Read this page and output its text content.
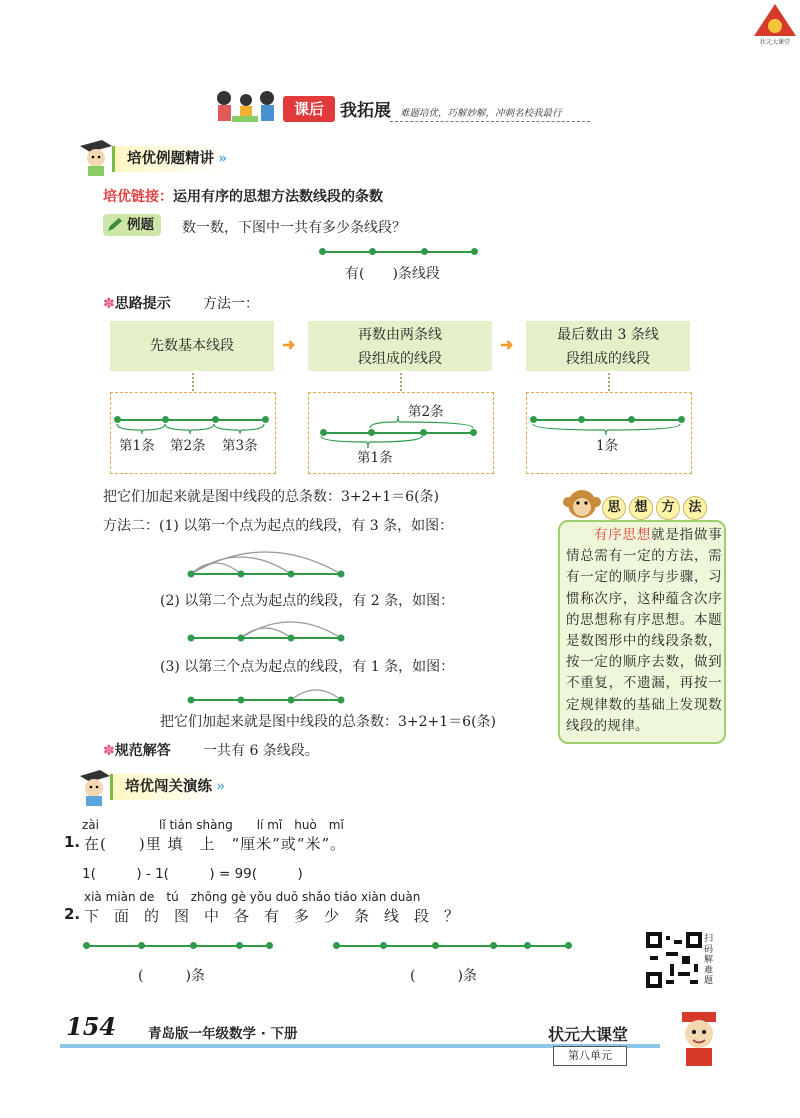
状元大课堂
课后 我拓展 难题培优，巧解妙解，冲刺名校我最行
培优例题精讲 »
培优链接：运用有序的思想方法数线段的条数
例题	数一数，下图中一共有多少条线段？
有(　　)条线段
✽思路提示 方法一：
先数基本线段	➜	再数由两条线
段组成的线段
➜	最后数由 3 条线
段组成的线段
第1条 第2条 第3条
第2条
第1条
1条
把它们加起来就是图中线段的总条数：3+2+1＝6(条)
方法二：(1) 以第一个点为起点的线段，有 3 条，如图：
(2) 以第二个点为起点的线段，有 2 条，如图：
(3) 以第三个点为起点的线段，有 1 条，如图：
把它们加起来就是图中线段的总条数：3+2+1＝6(条)
✽规范解答 一共有 6 条线段。
思 想 方 法
有序思想就是指做事情总需有一定的方法，需有一定的顺序与步骤，习惯称次序，这种蕴含次序的思想称有序思想。本题是数图形中的线段条数，按一定的顺序去数，做到不重复，不遗漏，再按一定规律数的基础上发现数线段的规律。
培优闯关演练 »
zài　　　　　lǐ tián shàng　　lí mǐ　huò　mǐ
1. 在(　　)里 填　上　“厘米”或“米”。
1(　　　) - 1(　　　) = 99(　　　)
xià miàn de　tú　zhōng gè yǒu duō shǎo tiáo xiàn duàn
2. 下　面　的　图　中　各　有　多　少　条　线　段　？
(　　　)条	(　　　)条
扫码解难题
154 青岛版一年级数学 · 下册	状元大课堂
第八单元
